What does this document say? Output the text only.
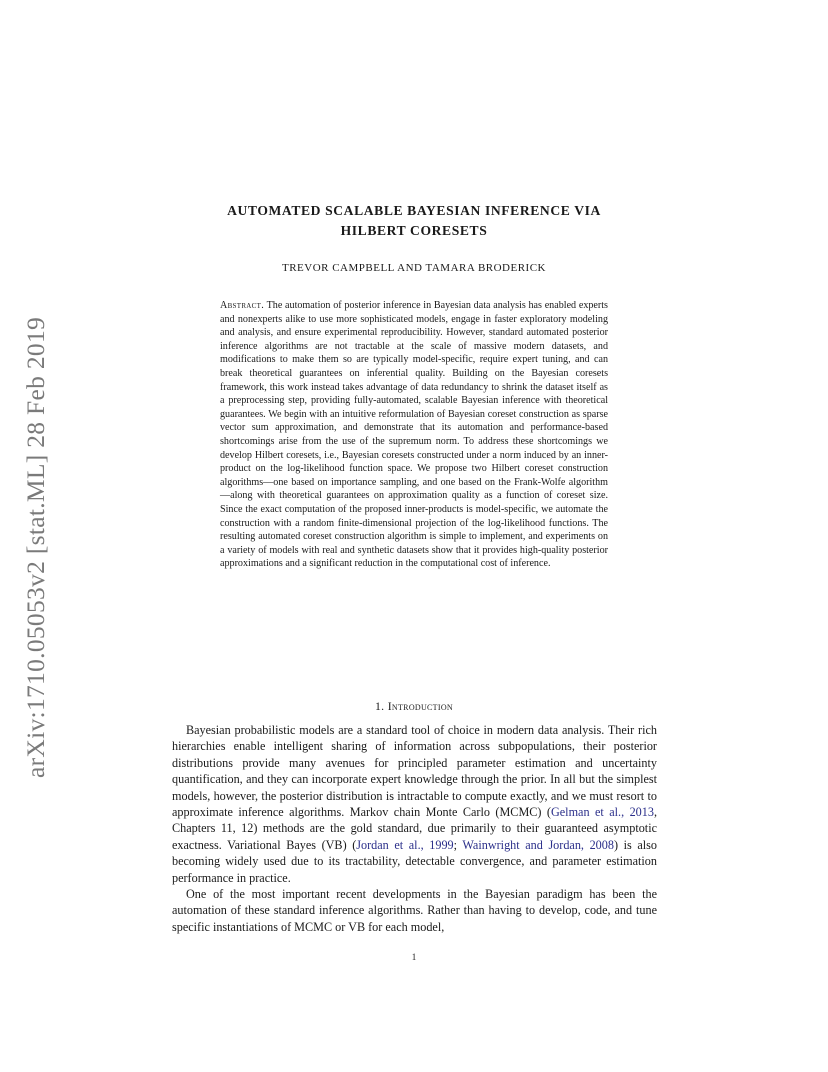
arXiv:1710.05053v2 [stat.ML] 28 Feb 2019
AUTOMATED SCALABLE BAYESIAN INFERENCE VIA
HILBERT CORESETS
TREVOR CAMPBELL AND TAMARA BRODERICK

Abstract. The automation of posterior inference in Bayesian data analysis has enabled experts and nonexperts alike to use more sophisticated models, engage in faster exploratory modeling and analysis, and ensure experimental reproducibility. However, standard automated posterior inference algorithms are not tractable at the scale of massive modern datasets, and modifications to make them so are typically model-specific, require expert tuning, and can break theoretical guarantees on inferential quality. Building on the Bayesian coresets framework, this work instead takes advantage of data redundancy to shrink the dataset itself as a preprocessing step, providing fully-automated, scalable Bayesian inference with theoretical guarantees. We begin with an intuitive reformulation of Bayesian coreset construction as sparse vector sum approximation, and demonstrate that its automation and performance-based shortcomings arise from the use of the supremum norm. To address these shortcomings we develop Hilbert coresets, i.e., Bayesian coresets constructed under a norm induced by an inner-product on the log-likelihood function space. We propose two Hilbert coreset construction algorithms—one based on importance sampling, and one based on the Frank-Wolfe algorithm—along with theoretical guarantees on approximation quality as a function of coreset size. Since the exact computation of the proposed inner-products is model-specific, we automate the construction with a random finite-dimensional projection of the log-likelihood functions. The resulting automated coreset construction algorithm is simple to implement, and experiments on a variety of models with real and synthetic datasets show that it provides high-quality posterior approximations and a significant reduction in the computational cost of inference.

1. Introduction

Bayesian probabilistic models are a standard tool of choice in modern data analysis. Their rich hierarchies enable intelligent sharing of information across subpopulations, their posterior distributions provide many avenues for principled parameter estimation and uncertainty quantification, and they can incorporate expert knowledge through the prior. In all but the simplest models, however, the posterior distribution is intractable to compute exactly, and we must resort to approximate inference algorithms. Markov chain Monte Carlo (MCMC) (Gelman et al., 2013, Chapters 11, 12) methods are the gold standard, due primarily to their guaranteed asymptotic exactness. Variational Bayes (VB) (Jordan et al., 1999; Wainwright and Jordan, 2008) is also becoming widely used due to its tractability, detectable convergence, and parameter estimation performance in practice.

One of the most important recent developments in the Bayesian paradigm has been the automation of these standard inference algorithms. Rather than having to develop, code, and tune specific instantiations of MCMC or VB for each model,

1
